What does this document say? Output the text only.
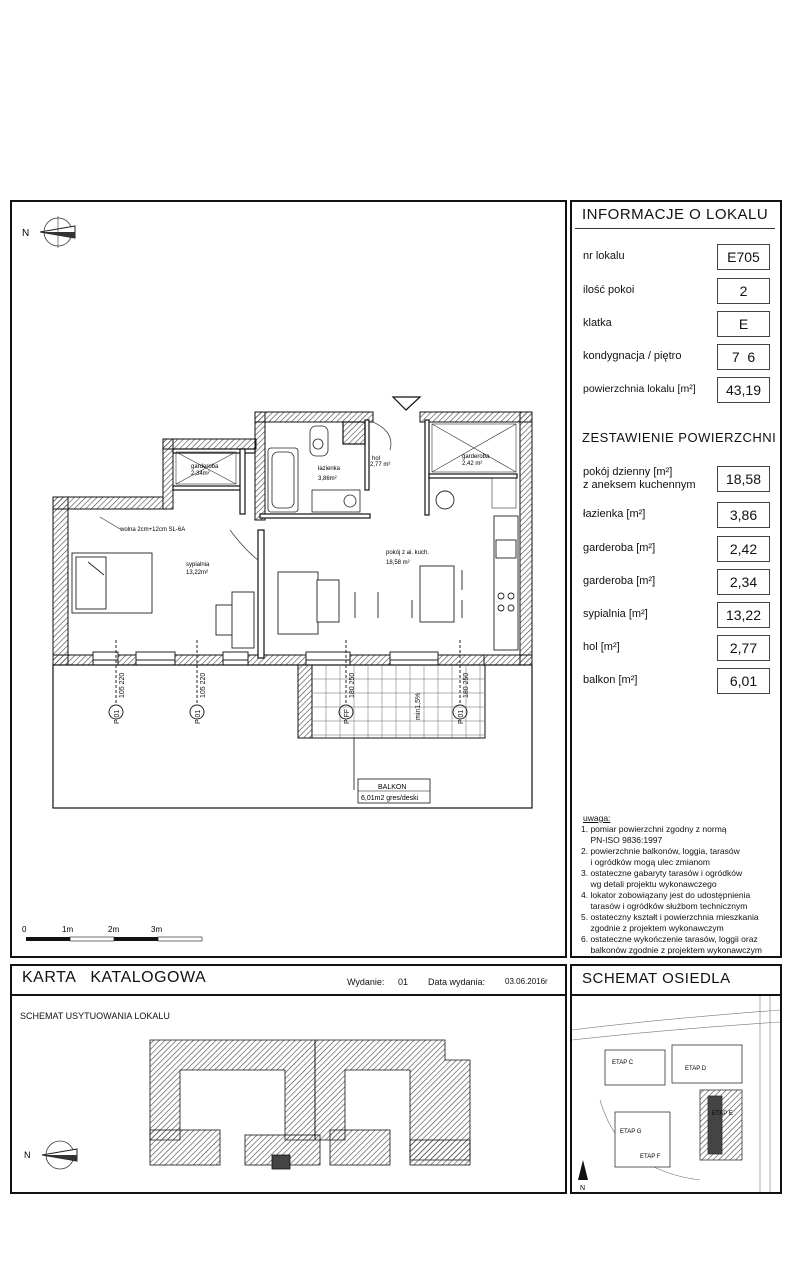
INFORMACJE O LOKALU
nr lokalu	E705
ilość pokoi	2
klatka	E
kondygnacja / piętro	7  6
powierzchnia lokalu [m²]	43,19
ZESTAWIENIE POWIERZCHNI
pokój dzienny [m²]
z aneksem kuchennym	18,58
łazienka [m²]	3,86
garderoba [m²]	2,42
garderoba [m²]	2,34
sypialnia [m²]	13,22
hol [m²]	2,77
balkon [m²]	6,01
uwaga:
1. pomiar powierzchni zgodny z normą
PN-ISO 9836:1997
2. powierzchnie balkonów, loggia, tarasów
i ogródków mogą ulec zmianom
3. ostateczne gabaryty tarasów i ogródków
wg detali projektu wykonawczego
4. lokator zobowiązany jest do udostępnienia
tarasów i ogródków służbom technicznym
5. ostateczny kształt i powierzchnia mieszkania
zgodnie z projektem wykonawczym
6. ostateczne wykończenie tarasów, loggii oraz
balkonów zgodnie z projektem wykonawczym
N
garderoba
2,34m²
łazienka
3,86m²
hol
2,77 m²
garderoba
2,42 m²
sypialnia
13,22m²
pokój z ai. kuch.
18,58 m²
wolna 2cm+12cm SL-6A
P 01	P 01	P FF	P 01
105 220	105 220	180 250	180 250
min1,5%
BALKON
6,01m2 gres/deski
0	1m	2m	3m
KARTA   KATALOGOWA	Wydanie: 01 Data wydania: 03.06.2016r
SCHEMAT USYTUOWANIA LOKALU
SCHEMAT OSIEDLA
N
ETAP C
ETAP D
ETAP E
ETAP F
ETAP G
N
